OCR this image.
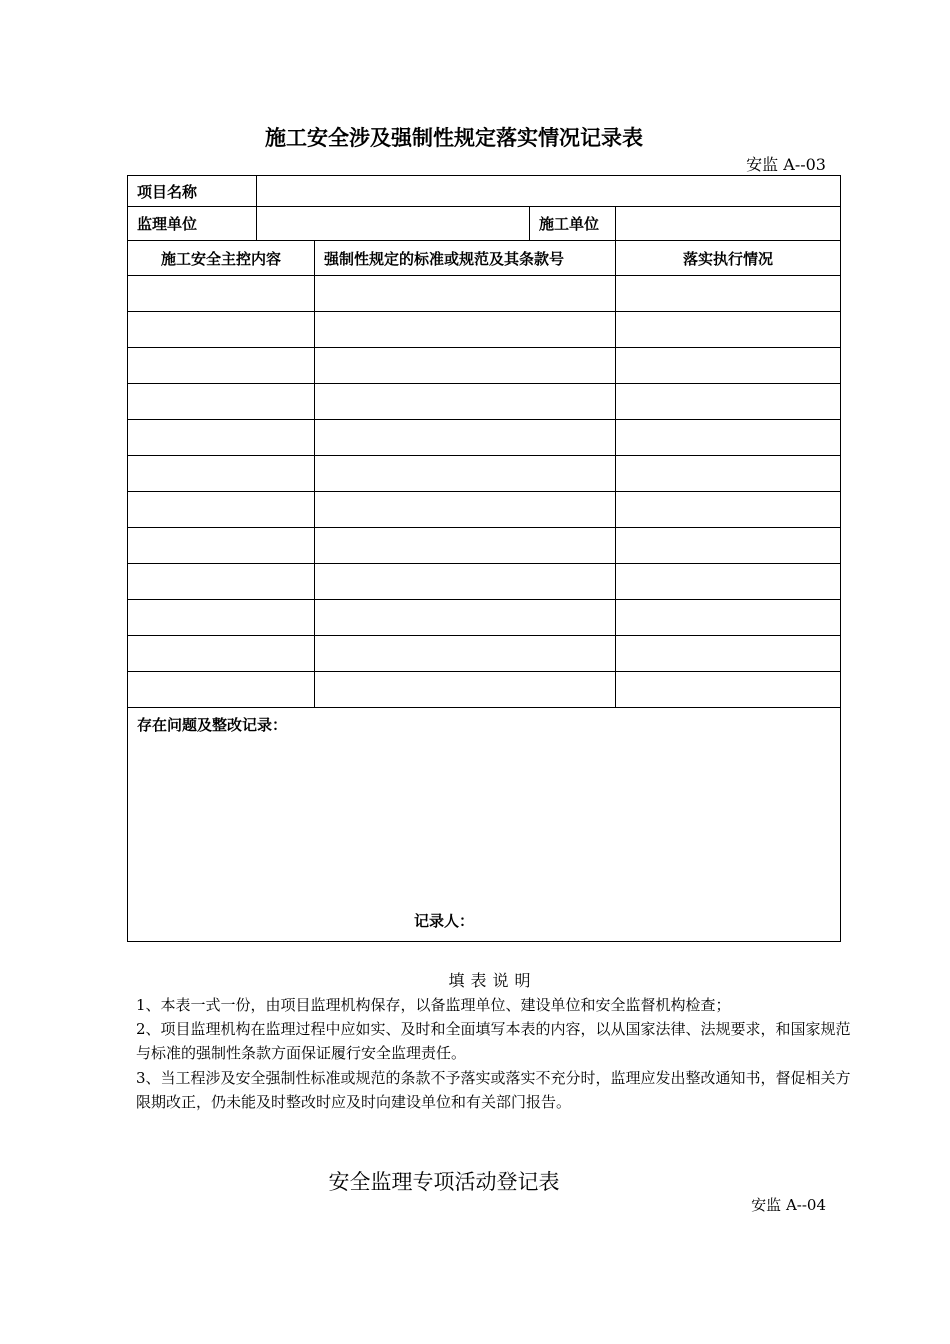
施工安全涉及强制性规定落实情况记录表
安监 A--03
项目名称				
监理单位			施工单位	
施工安全主控内容		强制性规定的标准或规范及其条款号		落实执行情况

存在问题及整改记录：
记录人：				
填表说明
1、本表一式一份，由项目监理机构保存，以备监理单位、建设单位和安全监督机构检查；
2、项目监理机构在监理过程中应如实、及时和全面填写本表的内容，以从国家法律、法规要求，和国家规范与标准的强制性条款方面保证履行安全监理责任。
3、当工程涉及安全强制性标准或规范的条款不予落实或落实不充分时，监理应发出整改通知书，督促相关方限期改正，仍未能及时整改时应及时向建设单位和有关部门报告。
安全监理专项活动登记表
安监 A--04
